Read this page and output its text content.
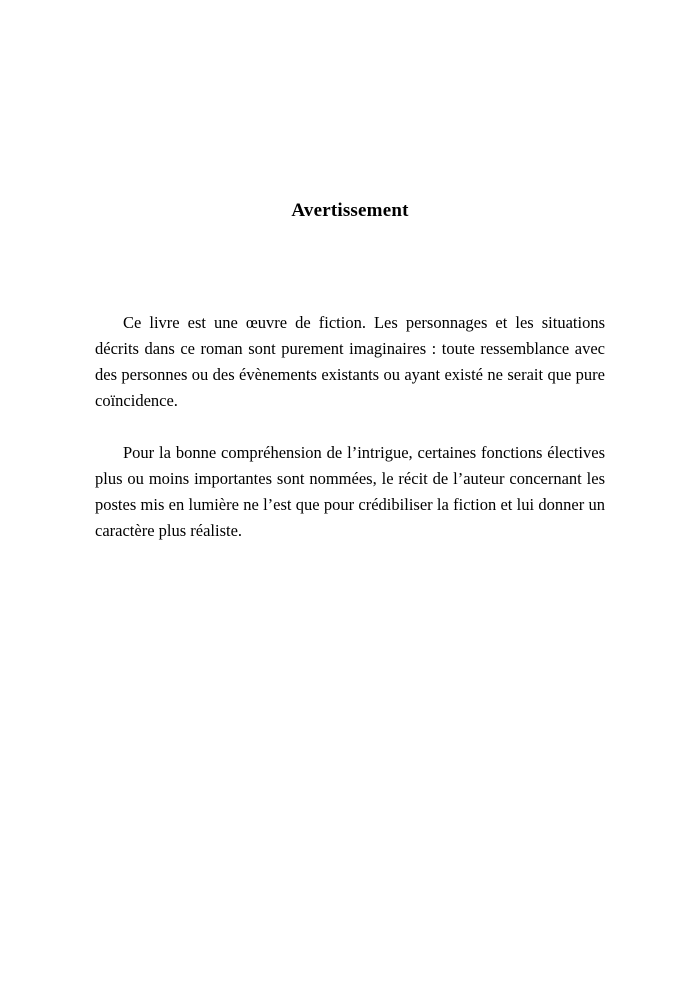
Avertissement

Ce livre est une œuvre de fiction. Les personnages et les situations décrits dans ce roman sont purement imaginaires : toute ressemblance avec des personnes ou des évènements existants ou ayant existé ne serait que pure coïncidence.

Pour la bonne compréhension de l’intrigue, certaines fonctions électives plus ou moins importantes sont nommées, le récit de l’auteur concernant les postes mis en lumière ne l’est que pour crédibiliser la fiction et lui donner un caractère plus réaliste.
